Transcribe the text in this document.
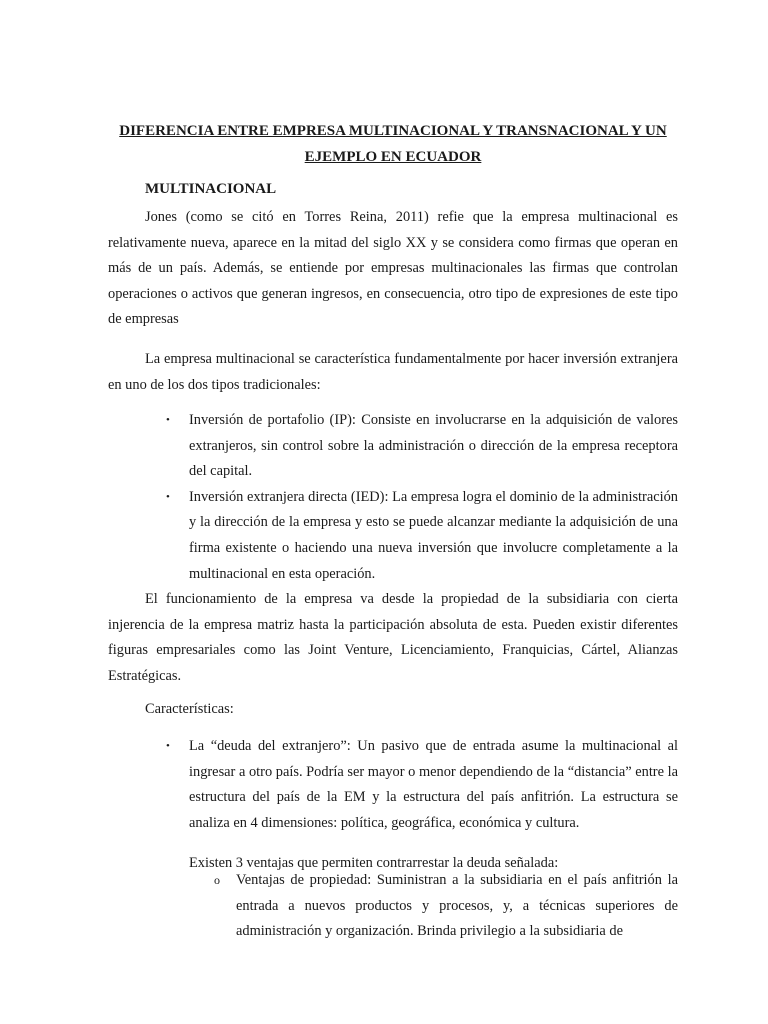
DIFERENCIA ENTRE EMPRESA MULTINACIONAL Y TRANSNACIONAL Y UN EJEMPLO EN ECUADOR
MULTINACIONAL

Jones (como se citó en Torres Reina, 2011) refie que la empresa multinacional es relativamente nueva, aparece en la mitad del siglo XX y se considera como firmas que operan en más de un país. Además, se entiende por empresas multinacionales las firmas que controlan operaciones o activos que generan ingresos, en consecuencia, otro tipo de expresiones de este tipo de empresas

La empresa multinacional se característica fundamentalmente por hacer inversión extranjera en uno de los dos tipos tradicionales:

• Inversión de portafolio (IP): Consiste en involucrarse en la adquisición de valores extranjeros, sin control sobre la administración o dirección de la empresa receptora del capital.
• Inversión extranjera directa (IED): La empresa logra el dominio de la administración y la dirección de la empresa y esto se puede alcanzar mediante la adquisición de una firma existente o haciendo una nueva inversión que involucre completamente a la multinacional en esta operación.

El funcionamiento de la empresa va desde la propiedad de la subsidiaria con cierta injerencia de la empresa matriz hasta la participación absoluta de esta. Pueden existir diferentes figuras empresariales como las Joint Venture, Licenciamiento, Franquicias, Cártel, Alianzas Estratégicas.

Características:

• La “deuda del extranjero”: Un pasivo que de entrada asume la multinacional al ingresar a otro país. Podría ser mayor o menor dependiendo de la “distancia” entre la estructura del país de la EM y la estructura del país anfitrión. La estructura se analiza en 4 dimensiones: política, geográfica, económica y cultura.
Existen 3 ventajas que permiten contrarrestar la deuda señalada:
o Ventajas de propiedad: Suministran a la subsidiaria en el país anfitrión la entrada a nuevos productos y procesos, y, a técnicas superiores de administración y organización. Brinda privilegio a la subsidiaria de
